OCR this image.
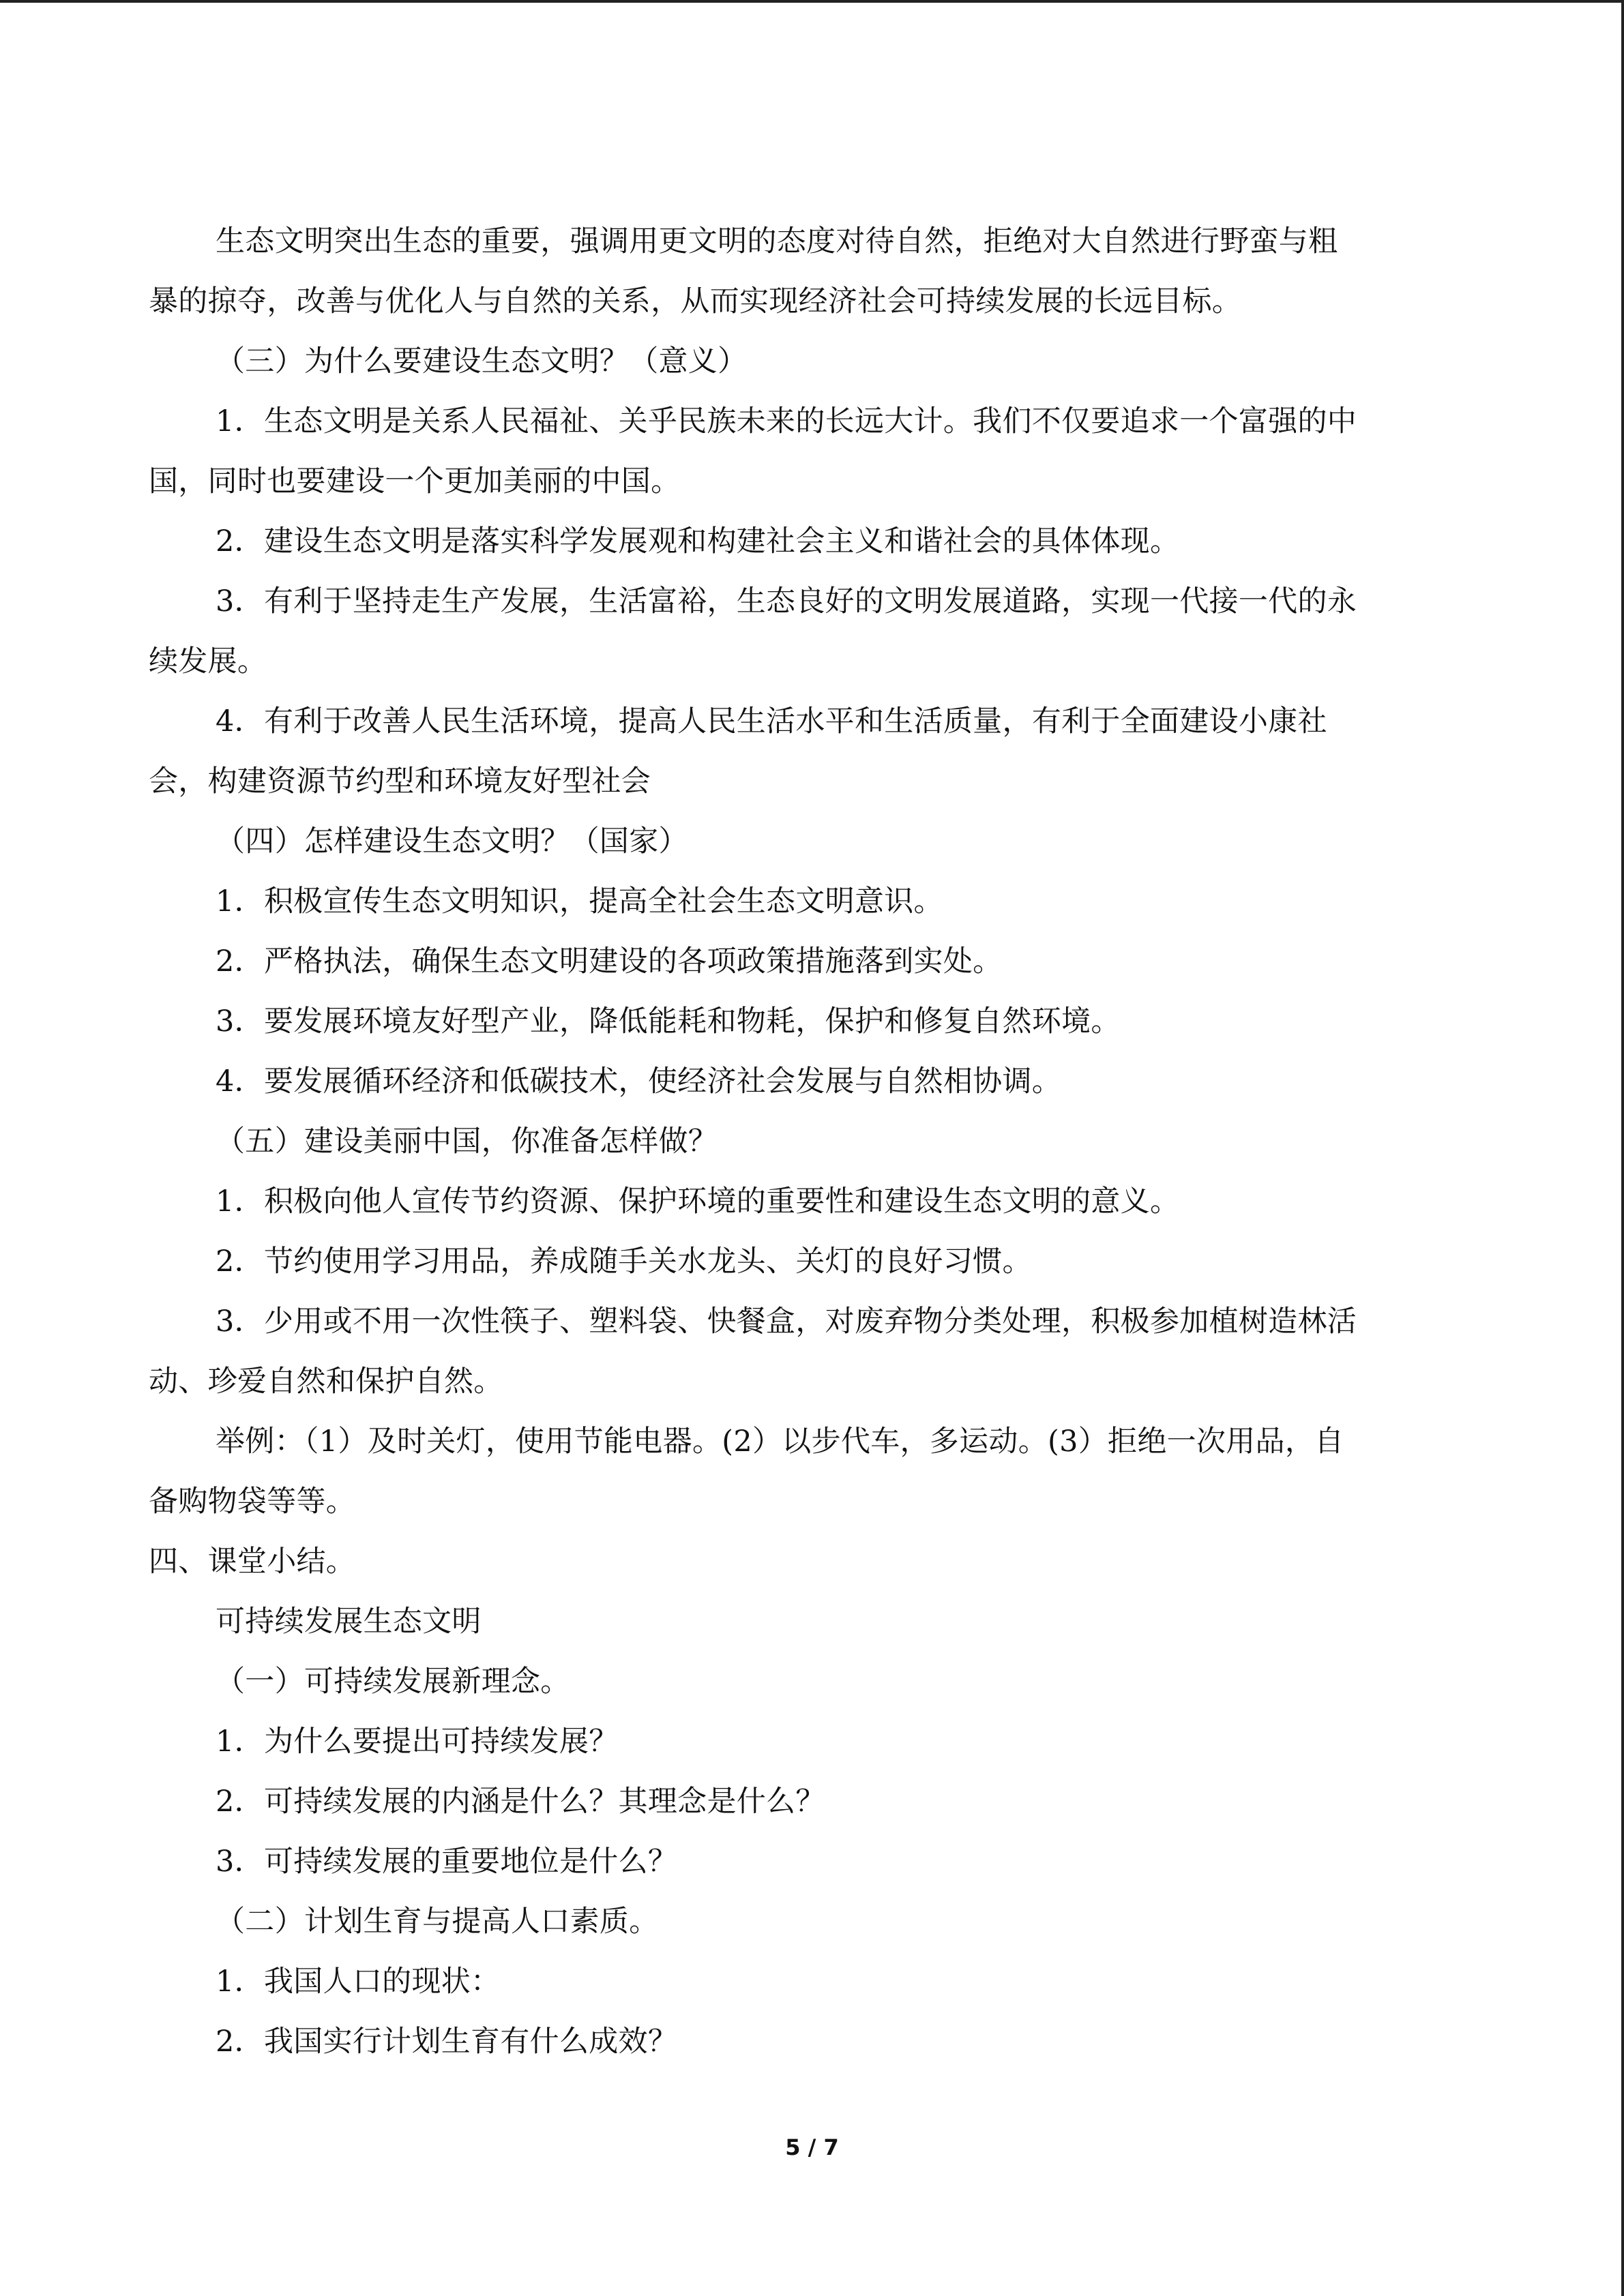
生态文明突出生态的重要，强调用更文明的态度对待自然，拒绝对大自然进行野蛮与粗
暴的掠夺，改善与优化人与自然的关系，从而实现经济社会可持续发展的长远目标。
（三）为什么要建设生态文明？（意义）
1．生态文明是关系人民福祉、关乎民族未来的长远大计。我们不仅要追求一个富强的中
国，同时也要建设一个更加美丽的中国。
2．建设生态文明是落实科学发展观和构建社会主义和谐社会的具体体现。
3．有利于坚持走生产发展，生活富裕，生态良好的文明发展道路，实现一代接一代的永
续发展。
4．有利于改善人民生活环境，提高人民生活水平和生活质量，有利于全面建设小康社
会，构建资源节约型和环境友好型社会
（四）怎样建设生态文明？（国家）
1．积极宣传生态文明知识，提高全社会生态文明意识。
2．严格执法，确保生态文明建设的各项政策措施落到实处。
3．要发展环境友好型产业，降低能耗和物耗，保护和修复自然环境。
4．要发展循环经济和低碳技术，使经济社会发展与自然相协调。
（五）建设美丽中国，你准备怎样做？
1．积极向他人宣传节约资源、保护环境的重要性和建设生态文明的意义。
2．节约使用学习用品，养成随手关水龙头、关灯的良好习惯。
3．少用或不用一次性筷子、塑料袋、快餐盒，对废弃物分类处理，积极参加植树造林活
动、珍爱自然和保护自然。
举例：（1）及时关灯，使用节能电器。(2）以步代车，多运动。(3）拒绝一次用品，自
备购物袋等等。
四、课堂小结。
可持续发展生态文明
（一）可持续发展新理念。
1．为什么要提出可持续发展？
2．可持续发展的内涵是什么？其理念是什么？
3．可持续发展的重要地位是什么？
（二）计划生育与提高人口素质。
1．我国人口的现状：
2．我国实行计划生育有什么成效？
5 / 7
